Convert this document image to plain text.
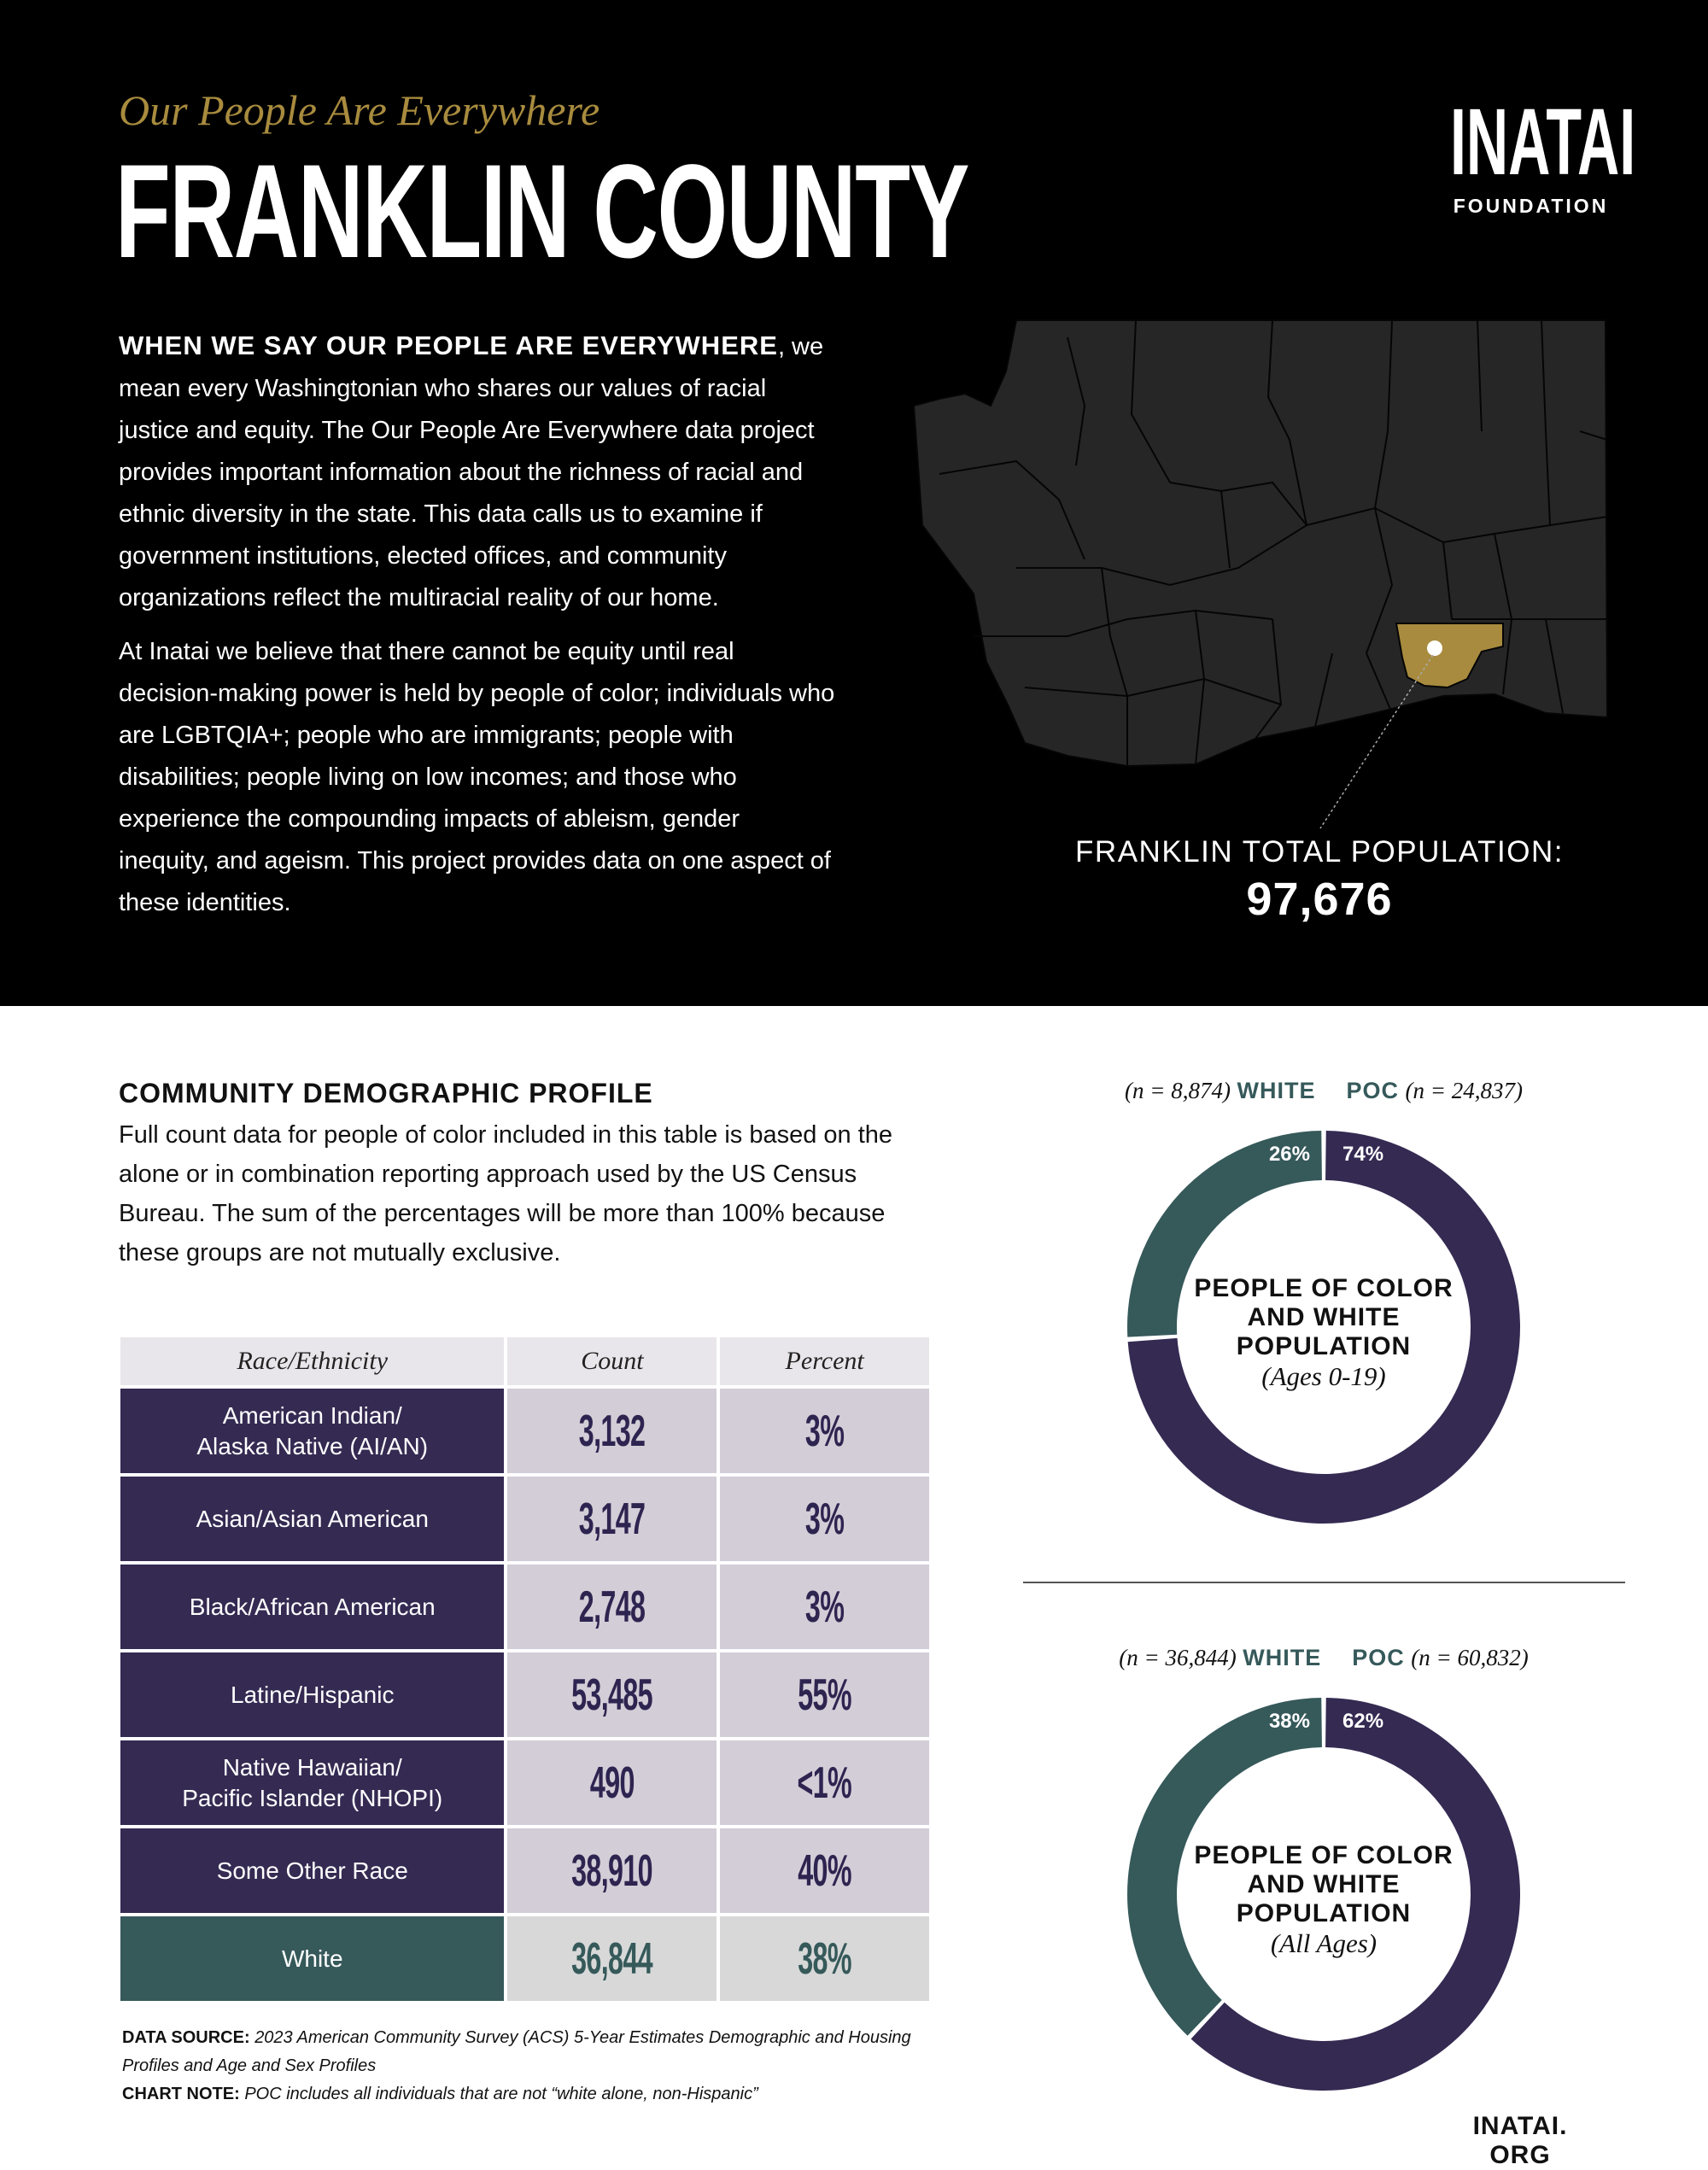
Our People Are Everywhere
FRANKLIN COUNTY	INATAI
FOUNDATION

WHEN WE SAY OUR PEOPLE ARE EVERYWHERE, we mean every Washingtonian who shares our values of racial justice and equity. The Our People Are Everywhere data project provides important information about the richness of racial and ethnic diversity in the state. This data calls us to examine if government institutions, elected offices, and community organizations reflect the multiracial reality of our home.

At Inatai we believe that there cannot be equity until real decision-making power is held by people of color; individuals who are LGBTQIA+; people who are immigrants; people with disabilities; people living on low incomes; and those who experience the compounding impacts of ableism, gender inequity, and ageism. This project provides data on one aspect of these identities.

FRANKLIN TOTAL POPULATION:
97,676
COMMUNITY DEMOGRAPHIC PROFILE
Full count data for people of color included in this table is based on the alone or in combination reporting approach used by the US Census Bureau. The sum of the percentages will be more than 100% because these groups are not mutually exclusive.
Race/Ethnicity	Count	Percent
American Indian/
Alaska Native (AI/AN)	3,132	3%
Asian/Asian American	3,147	3%
Black/African American	2,748	3%
Latine/Hispanic	53,485	55%
Native Hawaiian/
Pacific Islander (NHOPI)	490	<1%
Some Other Race	38,910	40%
White	36,844	38%
DATA SOURCE: 2023 American Community Survey (ACS) 5-Year Estimates Demographic and Housing Profiles and Age and Sex Profiles
CHART NOTE: POC includes all individuals that are not “white alone, non-Hispanic”
(n = 8,874) WHITE POC (n = 24,837)
26% 74%
PEOPLE OF COLOR
AND WHITE
POPULATION
(Ages 0-19)
(n = 36,844) WHITE POC (n = 60,832)
38% 62%
PEOPLE OF COLOR
AND WHITE
POPULATION
(All Ages)
INATAI. ORG
